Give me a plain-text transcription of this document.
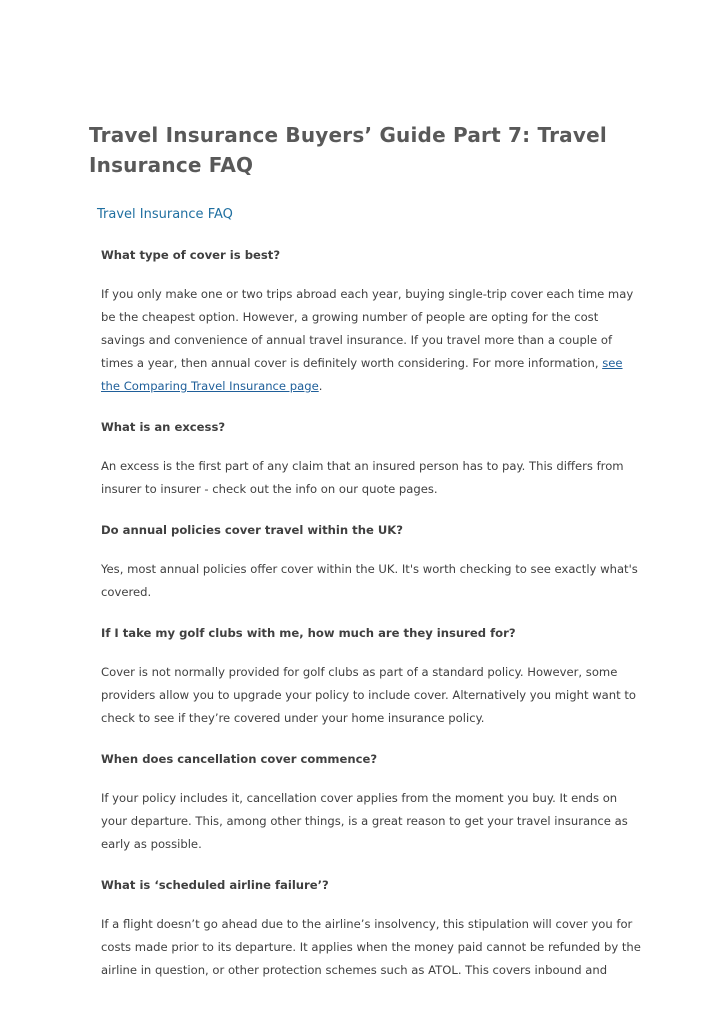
Travel Insurance Buyers’ Guide Part 7: Travel Insurance FAQ
Travel Insurance FAQ

What type of cover is best?

If you only make one or two trips abroad each year, buying single-trip cover each time may be the cheapest option. However, a growing number of people are opting for the cost savings and convenience of annual travel insurance. If you travel more than a couple of times a year, then annual cover is definitely worth considering. For more information, see the Comparing Travel Insurance page.

What is an excess?

An excess is the first part of any claim that an insured person has to pay. This differs from insurer to insurer - check out the info on our quote pages.

Do annual policies cover travel within the UK?

Yes, most annual policies offer cover within the UK. It's worth checking to see exactly what's covered.

If I take my golf clubs with me, how much are they insured for?

Cover is not normally provided for golf clubs as part of a standard policy. However, some providers allow you to upgrade your policy to include cover. Alternatively you might want to check to see if they’re covered under your home insurance policy.

When does cancellation cover commence?

If your policy includes it, cancellation cover applies from the moment you buy. It ends on your departure. This, among other things, is a great reason to get your travel insurance as early as possible.

What is ‘scheduled airline failure’?

If a flight doesn’t go ahead due to the airline’s insolvency, this stipulation will cover you for costs made prior to its departure. It applies when the money paid cannot be refunded by the airline in question, or other protection schemes such as ATOL. This covers inbound and
